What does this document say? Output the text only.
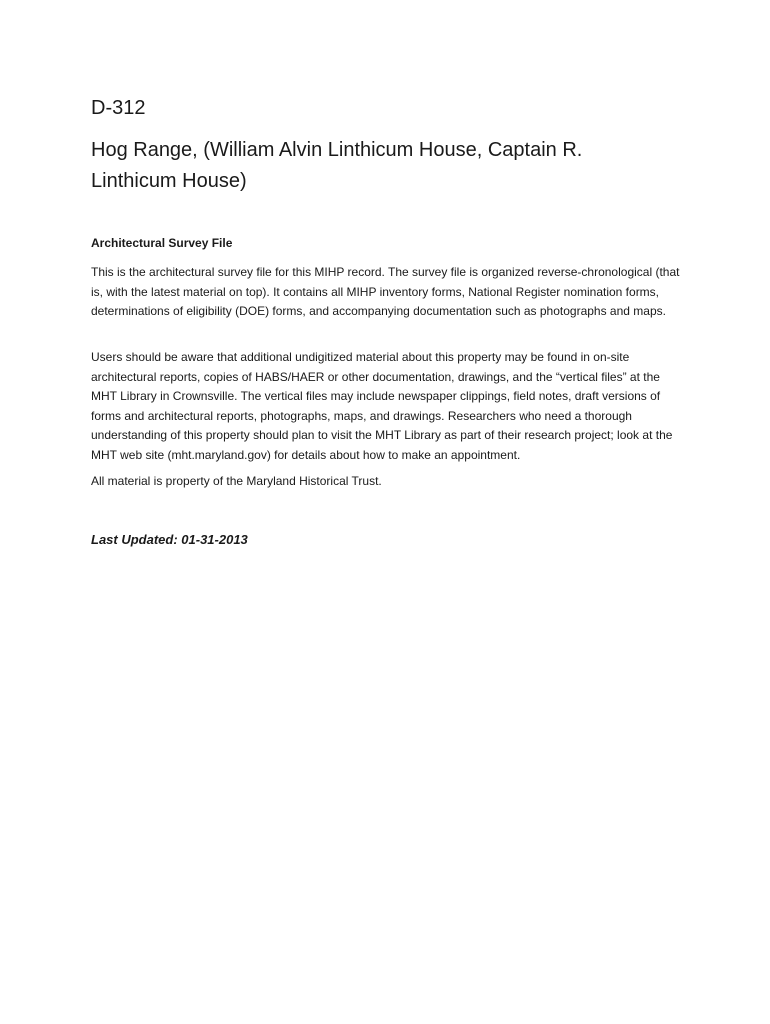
D-312
Hog Range, (William Alvin Linthicum House, Captain R. Linthicum House)
Architectural Survey File

This is the architectural survey file for this MIHP record. The survey file is organized reverse-chronological (that is, with the latest material on top). It contains all MIHP inventory forms, National Register nomination forms, determinations of eligibility (DOE) forms, and accompanying documentation such as photographs and maps.

Users should be aware that additional undigitized material about this property may be found in on-site architectural reports, copies of HABS/HAER or other documentation, drawings, and the “vertical files” at the MHT Library in Crownsville. The vertical files may include newspaper clippings, field notes, draft versions of forms and architectural reports, photographs, maps, and drawings. Researchers who need a thorough understanding of this property should plan to visit the MHT Library as part of their research project; look at the MHT web site (mht.maryland.gov) for details about how to make an appointment.

All material is property of the Maryland Historical Trust.

Last Updated: 01-31-2013
